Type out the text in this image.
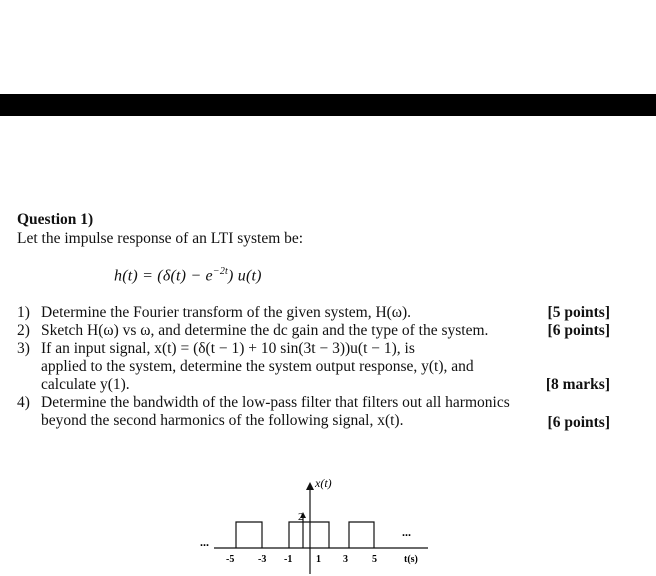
Question 1)
Let the impulse response of an LTI system be:
$h(t) = (\delta(t) - e^{-2t})$ u(t)
1) Determine the Fourier transform of the given system, H(ω).	[5 points]
2) Sketch H(ω) vs ω, and determine the dc gain and the type of the system.	[6 points]
3) If an input signal, x(t) = (δ(t − 1) + 10 sin(3t − 3))u(t − 1), is
applied to the system, determine the system output response, y(t), and
calculate y(1).	[8 marks]
4) Determine the bandwidth of the low-pass filter that filters out all harmonics
beyond the second harmonics of the following signal, x(t).	[6 points]
x(t)
2
...
...
-5 -3 -1 1 3 5	t(s)
